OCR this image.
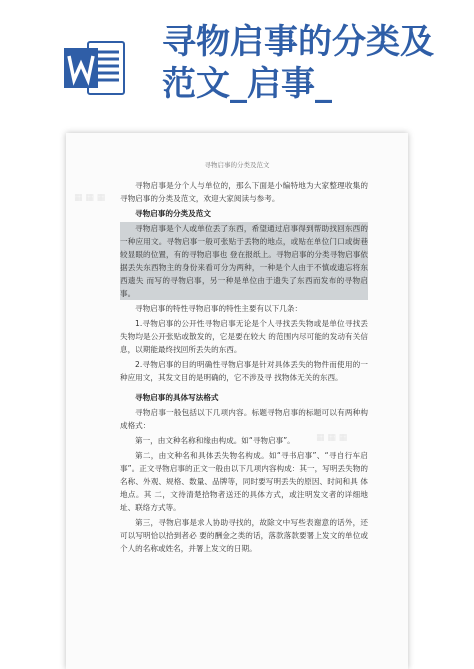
寻物启事的分类及
范文_启事_
▦ ▦ ▦
▦ ▦ ▦
寻物启事的分类及范文

寻物启事是分个人与单位的，那么下面是小编特地为大家整理收集的寻物启事的分类及范文，欢迎大家阅读与参考。

寻物启事的分类及范文

寻物启事是个人或单位丢了东西，希望通过启事得到帮助找回东西的一种应用文。寻物启事一般可张贴于丢物的地点，或贴在单位门口或街巷较显眼的位置，有的寻物启事也 登在报纸上。寻物启事的分类寻物启事依据丢失东西物主的身份来看可分为两种，一种是个人由于不慎或遗忘将东西遗失 而写的寻物启事，另一种是单位由于遗失了东西而发布的寻物启事。

寻物启事的特性寻物启事的特性主要有以下几条：

1.寻物启事的公开性寻物启事无论是个人寻找丢失物或是单位寻找丢失物均是公开张贴或散发的，它是要在较大 的范围内尽可能的发动有关信息，以期能最终找回所丢失的东西。

2.寻物启事的目的明确性寻物启事是针对具体丢失的物件而使用的一种应用文，其发文目的是明确的，它不涉及寻 找物体无关的东西。

寻物启事的具体写法格式

寻物启事一般包括以下几项内容。标题寻物启事的标题可以有两种构成格式：

第一，由文种名称和缘由构成。如“寻物启事”。

第二，由文种名和具体丢失物名构成。如“寻书启事”、“寻自行车启事”。正文寻物启事的正文一般由以下几项内容构成：其一，写明丢失物的名称、外观、规格、数量、品牌等，同时要写明丢失的原因、时间和具 体地点。其 二，文待清楚拾物者送还的具体方式，或注明发文者的详细地址、联络方式等。

第三，寻物启事是求人协助寻找的，故除文中写些表谢意的话外，还可以写明恰以拾到者必 要的酬金之类的话，落款落款要署上发文的单位或个人的名称或姓名，并署上发文的日期。
